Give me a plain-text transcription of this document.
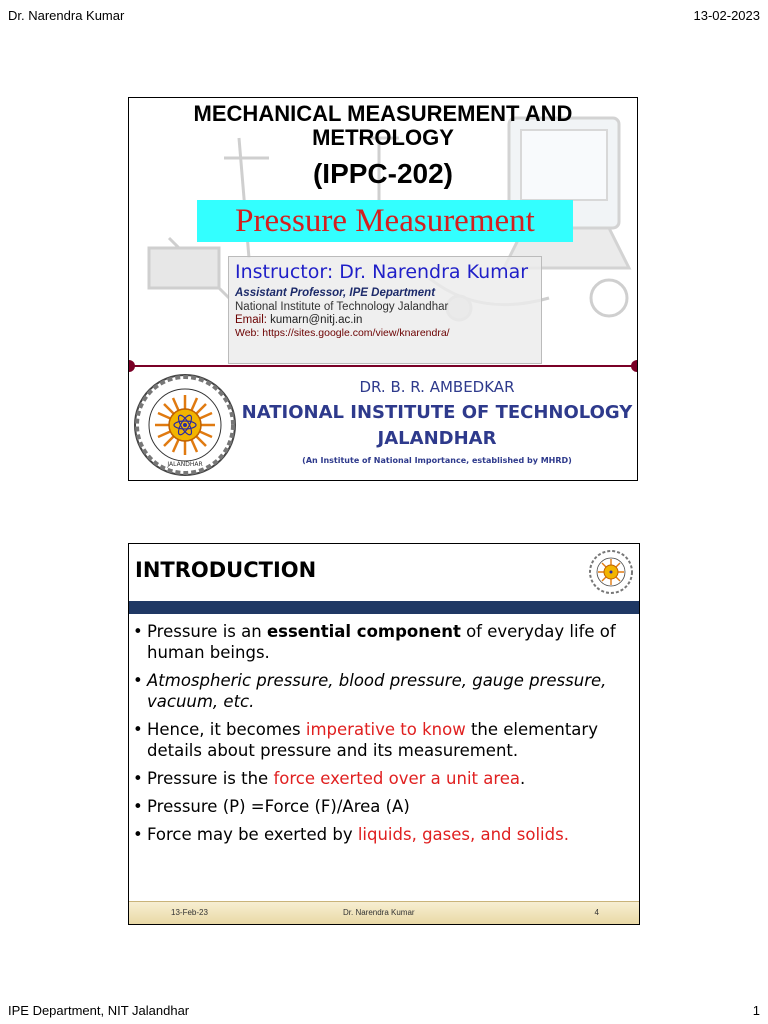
Dr. Narendra Kumar	13-02-2023
MECHANICAL MEASUREMENT AND METROLOGY
(IPPC-202)
Pressure Measurement
Instructor: Dr. Narendra Kumar
Assistant Professor, IPE Department
National Institute of Technology Jalandhar
Email: kumarn@nitj.ac.in
Web: https://sites.google.com/view/knarendra/
JALANDHAR
DR. B. R. AMBEDKAR
NATIONAL INSTITUTE OF TECHNOLOGY
JALANDHAR
(An Institute of National Importance, established by MHRD)
INTRODUCTION
• Pressure is an essential component of everyday life of human beings.
• Atmospheric pressure, blood pressure, gauge pressure, vacuum, etc.
• Hence, it becomes imperative to know the elementary details about pressure and its measurement.
• Pressure is the force exerted over a unit area.
• Pressure (P) =Force (F)/Area (A)
• Force may be exerted by liquids, gases, and solids.
13-Feb-23	Dr. Narendra Kumar	4
IPE Department, NIT Jalandhar	1
